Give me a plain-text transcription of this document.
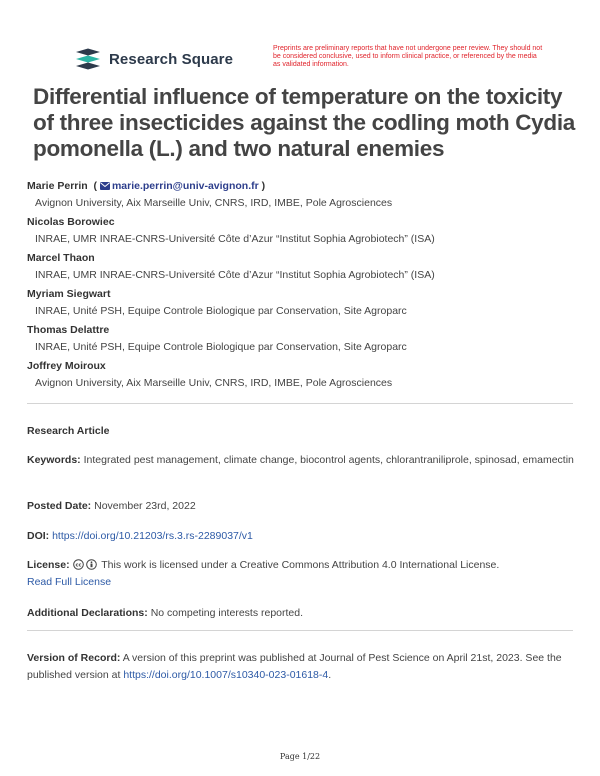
Research Square
Preprints are preliminary reports that have not undergone peer review. They should not be considered conclusive, used to inform clinical practice, or referenced by the media as validated information.
Differential influence of temperature on the toxicity of three insecticides against the codling moth Cydia pomonella (L.) and two natural enemies
Marie Perrin  ( marie.perrin@univ-avignon.fr )
Avignon University, Aix Marseille Univ, CNRS, IRD, IMBE, Pole Agrosciences
Nicolas Borowiec
INRAE, UMR INRAE-CNRS-Université Côte d’Azur “Institut Sophia Agrobiotech” (ISA)
Marcel Thaon
INRAE, UMR INRAE-CNRS-Université Côte d’Azur “Institut Sophia Agrobiotech” (ISA)
Myriam Siegwart
INRAE, Unité PSH, Equipe Controle Biologique par Conservation, Site Agroparc
Thomas Delattre
INRAE, Unité PSH, Equipe Controle Biologique par Conservation, Site Agroparc
Joffrey Moiroux
Avignon University, Aix Marseille Univ, CNRS, IRD, IMBE, Pole Agrosciences
Research Article
Keywords: Integrated pest management, climate change, biocontrol agents, chlorantraniliprole, spinosad, emamectin
Posted Date: November 23rd, 2022
DOI: https://doi.org/10.21203/rs.3.rs-2289037/v1
License: cc This work is licensed under a Creative Commons Attribution 4.0 International License.
Read Full License
Additional Declarations: No competing interests reported.
Version of Record: A version of this preprint was published at Journal of Pest Science on April 21st, 2023. See the published version at https://doi.org/10.1007/s10340-023-01618-4.
Page 1/22
